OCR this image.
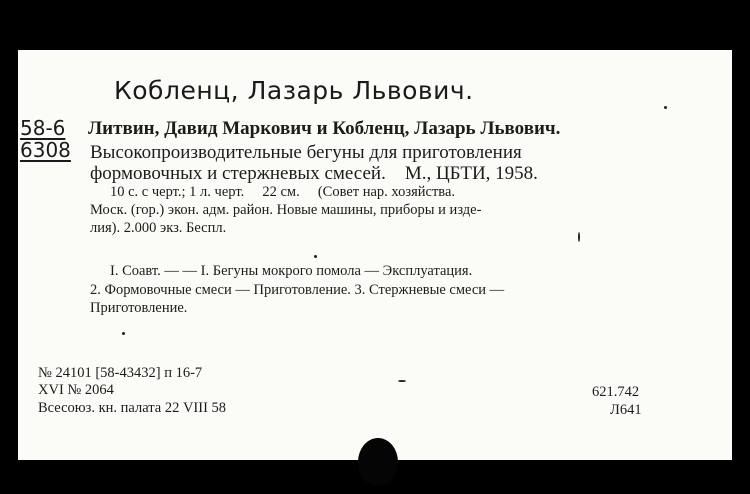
Кобленц, Лазарь Львович.
58-6
6308
Литвин, Давид Маркович и Кобленц, Лазарь Львович.
Высокопроизводительные бегуны для приготовления
формовочных и стержневых смесей.    М., ЦБТИ, 1958.
10 с. с черт.; 1 л. черт.     22 см.     (Совет нар. хозяйства.
Моск. (гор.) экон. адм. район. Новые машины, приборы и изде-
лия). 2.000 экз. Беспл.
I. Соавт. — — I. Бегуны мокрого помола — Эксплуатация.
2. Формовочные смеси — Приготовление. 3. Стержневые смеси —
Приготовление.
№ 24101 [58-43432] п 16-7
XVI № 2064
Всесоюз. кн. палата 22 VIII 58
621.742
Л641
